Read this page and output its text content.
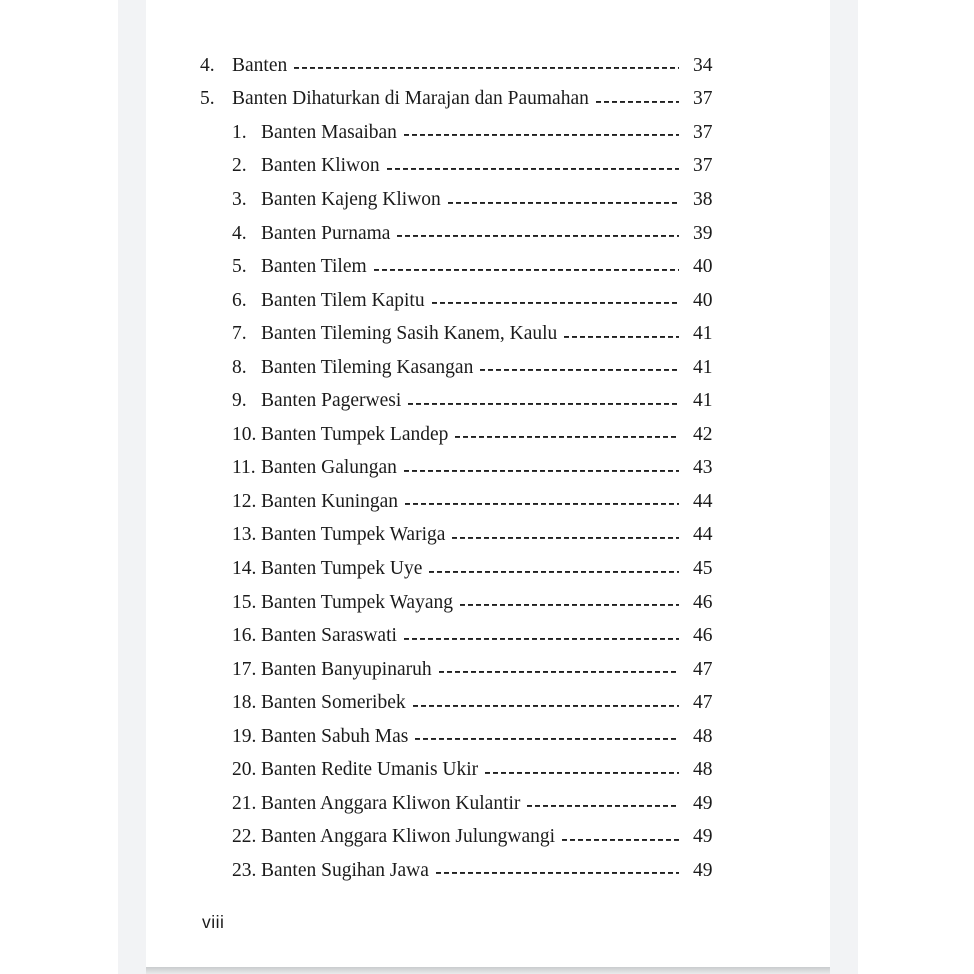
4. Banten	34
5. Banten Dihaturkan di Marajan dan Paumahan	37
1. Banten Masaiban	37
2. Banten Kliwon	37
3. Banten Kajeng Kliwon	38
4. Banten Purnama	39
5. Banten Tilem	40
6. Banten Tilem Kapitu	40
7. Banten Tileming Sasih Kanem, Kaulu	41
8. Banten Tileming Kasangan	41
9. Banten Pagerwesi	41
10. Banten Tumpek Landep	42
11. Banten Galungan	43
12. Banten Kuningan	44
13. Banten Tumpek Wariga	44
14. Banten Tumpek Uye	45
15. Banten Tumpek Wayang	46
16. Banten Saraswati	46
17. Banten Banyupinaruh	47
18. Banten Someribek	47
19. Banten Sabuh Mas	48
20. Banten Redite Umanis Ukir	48
21. Banten Anggara Kliwon Kulantir	49
22. Banten Anggara Kliwon Julungwangi	49
23. Banten Sugihan Jawa	49
viii
